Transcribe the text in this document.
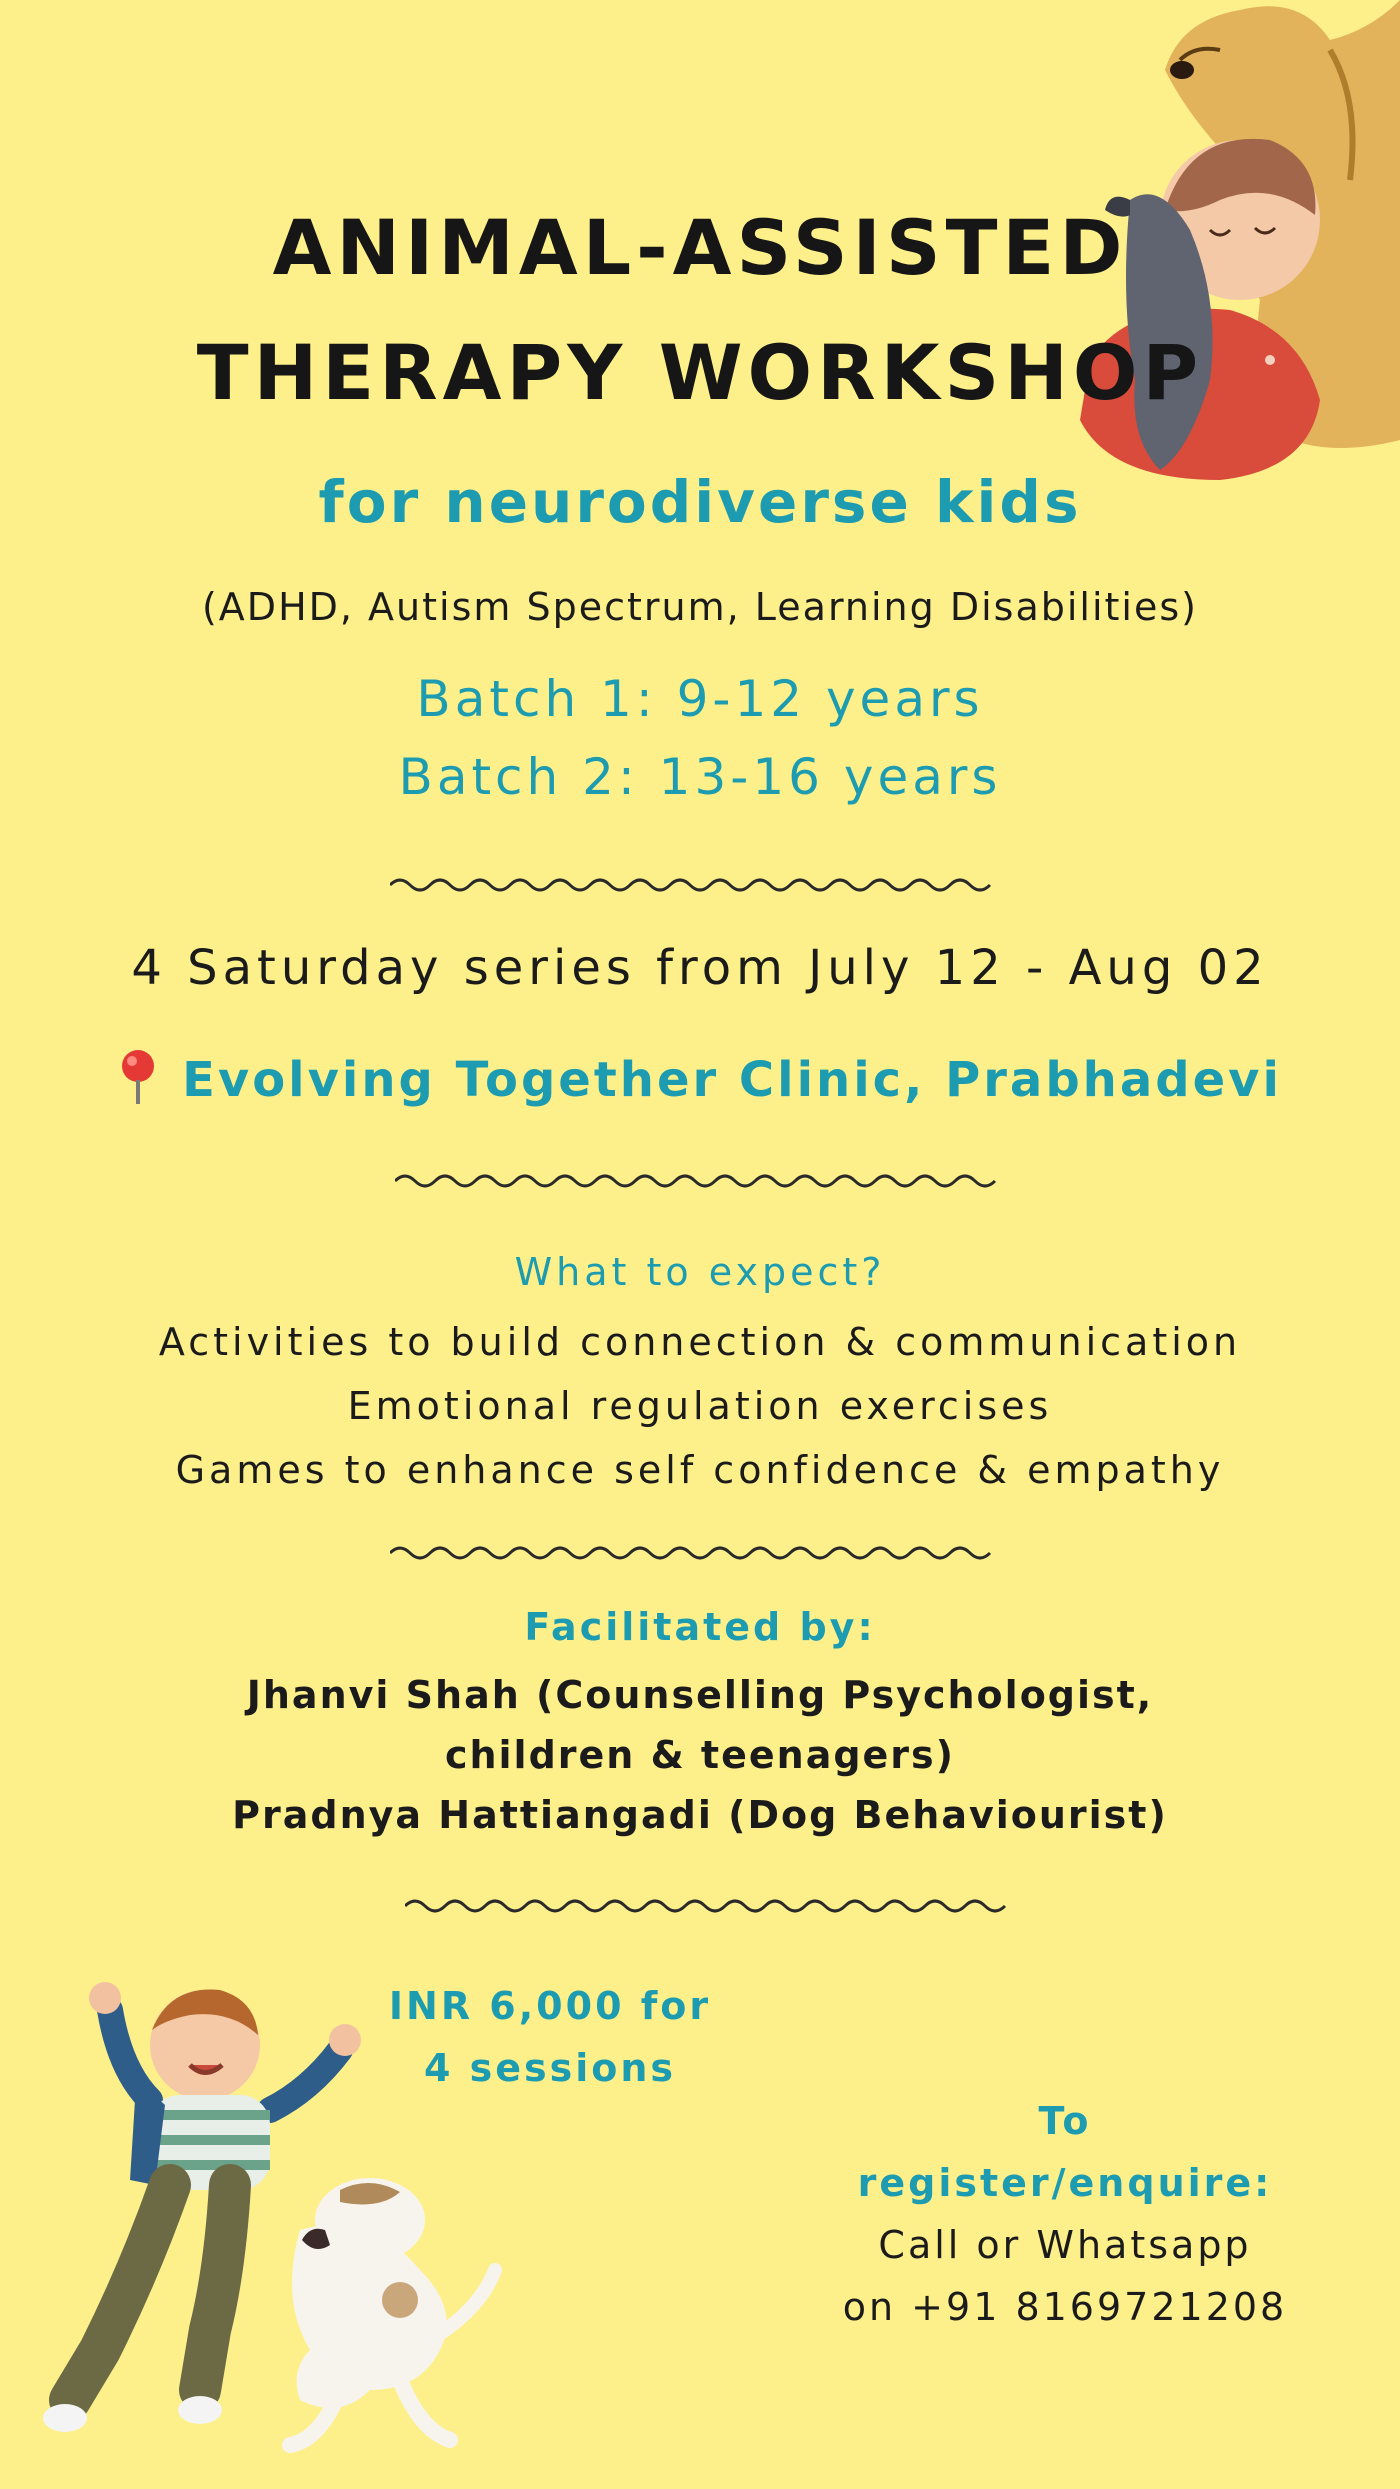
ANIMAL-ASSISTED
THERAPY WORKSHOP
for neurodiverse kids
(ADHD, Autism Spectrum, Learning Disabilities)
Batch 1: 9-12 years
Batch 2: 13-16 years
4 Saturday series from July 12 - Aug 02
Evolving Together Clinic, Prabhadevi
What to expect?
Activities to build connection & communication
Emotional regulation exercises
Games to enhance self confidence & empathy
Facilitated by:
Jhanvi Shah (Counselling Psychologist,
children & teenagers)
Pradnya Hattiangadi (Dog Behaviourist)
INR 6,000 for
4 sessions
To
register/enquire:
Call or Whatsapp
on +91 8169721208
